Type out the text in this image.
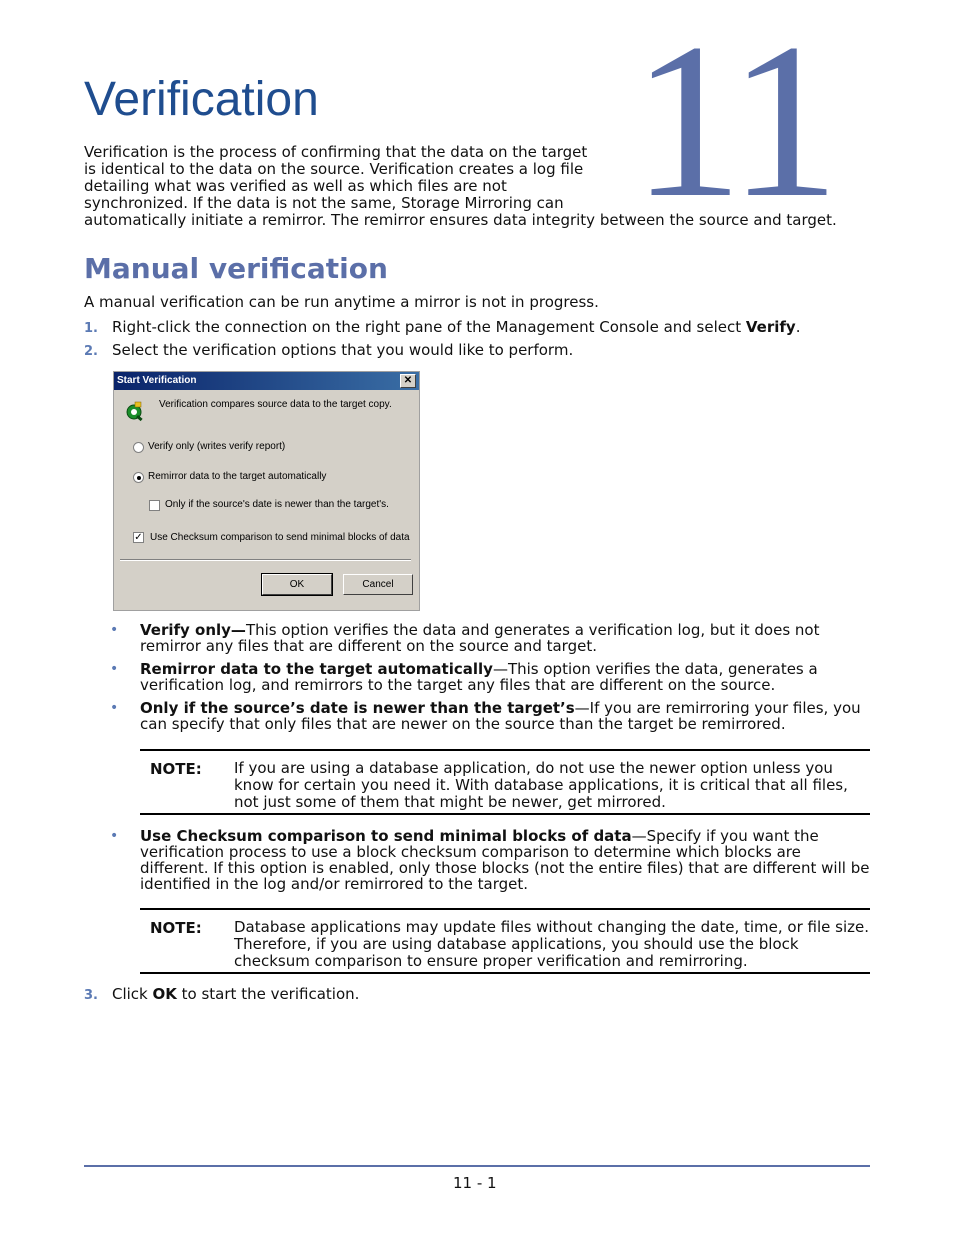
11
Verification
Verification is the process of confirming that the data on the target
is identical to the data on the source. Verification creates a log file
detailing what was verified as well as which files are not
synchronized. If the data is not the same, Storage Mirroring can
automatically initiate a remirror. The remirror ensures data integrity between the source and target.
Manual verification
A manual verification can be run anytime a mirror is not in progress.
1. Right-click the connection on the right pane of the Management Console and select Verify.
2. Select the verification options that you would like to perform.
Start Verification	✕
Verification compares source data to the target copy.
Verify only (writes verify report)
Remirror data to the target automatically
Only if the source's date is newer than the target's.
✓ Use Checksum comparison to send minimal blocks of data
OK	Cancel
• Verify only—This option verifies the data and generates a verification log, but it does not remirror any files that are different on the source and target.
• Remirror data to the target automatically—This option verifies the data, generates a verification log, and remirrors to the target any files that are different on the source.
• Only if the source’s date is newer than the target’s—If you are remirroring your files, you can specify that only files that are newer on the source than the target be remirrored.
NOTE: If you are using a database application, do not use the newer option unless you know for certain you need it. With database applications, it is critical that all files, not just some of them that might be newer, get mirrored.
• Use Checksum comparison to send minimal blocks of data—Specify if you want the verification process to use a block checksum comparison to determine which blocks are different. If this option is enabled, only those blocks (not the entire files) that are different will be identified in the log and/or remirrored to the target.
NOTE: Database applications may update files without changing the date, time, or file size. Therefore, if you are using database applications, you should use the block checksum comparison to ensure proper verification and remirroring.
3. Click OK to start the verification.
11 - 1
